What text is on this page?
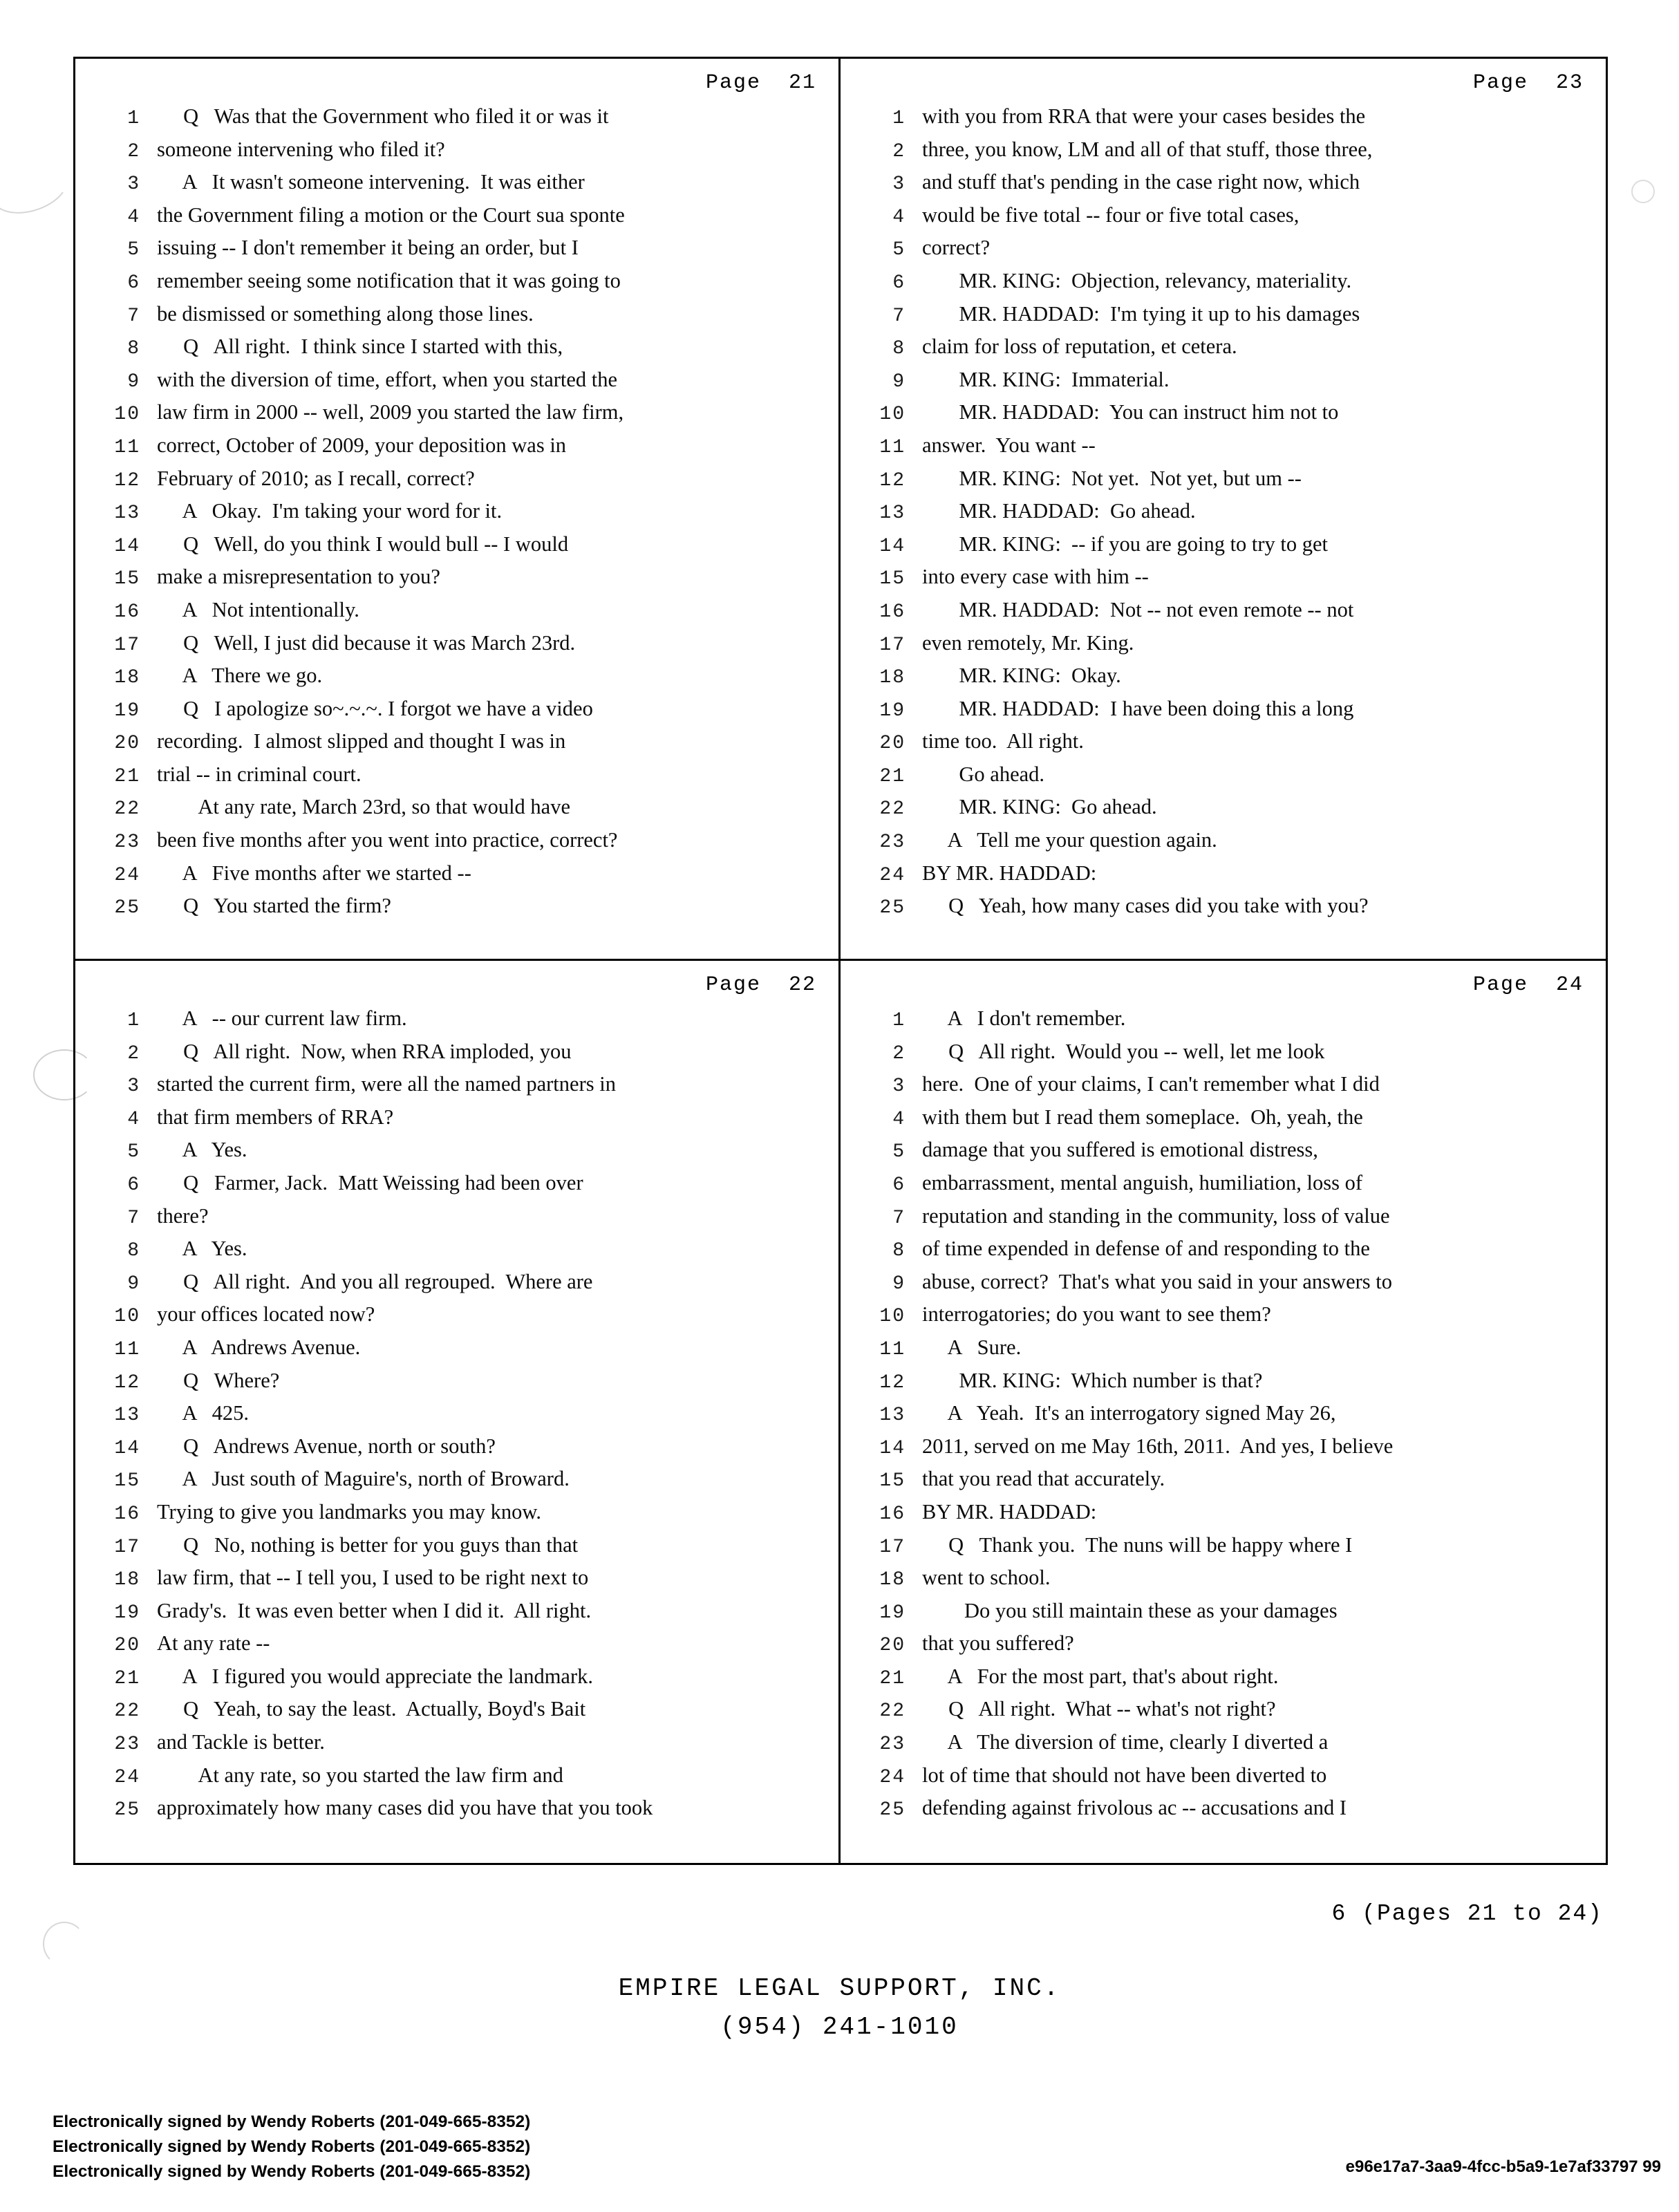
Page  21
1 Q   Was that the Government who filed it or was it
2 someone intervening who filed it?
3 A   It wasn't someone intervening.  It was either
4 the Government filing a motion or the Court sua sponte
5 issuing -- I don't remember it being an order, but I
6 remember seeing some notification that it was going to
7 be dismissed or something along those lines.
8 Q   All right.  I think since I started with this,
9 with the diversion of time, effort, when you started the
10 law firm in 2000 -- well, 2009 you started the law firm,
11 correct, October of 2009, your deposition was in
12 February of 2010; as I recall, correct?
13 A   Okay.  I'm taking your word for it.
14 Q   Well, do you think I would bull -- I would
15 make a misrepresentation to you?
16 A   Not intentionally.
17 Q   Well, I just did because it was March 23rd.
18 A   There we go.
19 Q   I apologize so~.~.~. I forgot we have a video
20 recording.  I almost slipped and thought I was in
21 trial -- in criminal court.
22 At any rate, March 23rd, so that would have
23 been five months after you went into practice, correct?
24 A   Five months after we started --
25 Q   You started the firm?
Page  23
1 with you from RRA that were your cases besides the
2 three, you know, LM and all of that stuff, those three,
3 and stuff that's pending in the case right now, which
4 would be five total -- four or five total cases,
5 correct?
6 MR. KING:  Objection, relevancy, materiality.
7 MR. HADDAD:  I'm tying it up to his damages
8 claim for loss of reputation, et cetera.
9 MR. KING:  Immaterial.
10 MR. HADDAD:  You can instruct him not to
11 answer.  You want --
12 MR. KING:  Not yet.  Not yet, but um --
13 MR. HADDAD:  Go ahead.
14 MR. KING:  -- if you are going to try to get
15 into every case with him --
16 MR. HADDAD:  Not -- not even remote -- not
17 even remotely, Mr. King.
18 MR. KING:  Okay.
19 MR. HADDAD:  I have been doing this a long
20 time too.  All right.
21 Go ahead.
22 MR. KING:  Go ahead.
23 A   Tell me your question again.
24 BY MR. HADDAD:
25 Q   Yeah, how many cases did you take with you?
Page  22
1 A   -- our current law firm.
2 Q   All right.  Now, when RRA imploded, you
3 started the current firm, were all the named partners in
4 that firm members of RRA?
5 A   Yes.
6 Q   Farmer, Jack.  Matt Weissing had been over
7 there?
8 A   Yes.
9 Q   All right.  And you all regrouped.  Where are
10 your offices located now?
11 A   Andrews Avenue.
12 Q   Where?
13 A   425.
14 Q   Andrews Avenue, north or south?
15 A   Just south of Maguire's, north of Broward.
16 Trying to give you landmarks you may know.
17 Q   No, nothing is better for you guys than that
18 law firm, that -- I tell you, I used to be right next to
19 Grady's.  It was even better when I did it.  All right.
20 At any rate --
21 A   I figured you would appreciate the landmark.
22 Q   Yeah, to say the least.  Actually, Boyd's Bait
23 and Tackle is better.
24 At any rate, so you started the law firm and
25 approximately how many cases did you have that you took
Page  24
1 A   I don't remember.
2 Q   All right.  Would you -- well, let me look
3 here.  One of your claims, I can't remember what I did
4 with them but I read them someplace.  Oh, yeah, the
5 damage that you suffered is emotional distress,
6 embarrassment, mental anguish, humiliation, loss of
7 reputation and standing in the community, loss of value
8 of time expended in defense of and responding to the
9 abuse, correct?  That's what you said in your answers to
10 interrogatories; do you want to see them?
11 A   Sure.
12 MR. KING:  Which number is that?
13 A   Yeah.  It's an interrogatory signed May 26,
14 2011, served on me May 16th, 2011.  And yes, I believe
15 that you read that accurately.
16 BY MR. HADDAD:
17 Q   Thank you.  The nuns will be happy where I
18 went to school.
19 Do you still maintain these as your damages
20 that you suffered?
21 A   For the most part, that's about right.
22 Q   All right.  What -- what's not right?
23 A   The diversion of time, clearly I diverted a
24 lot of time that should not have been diverted to
25 defending against frivolous ac -- accusations and I
6 (Pages 21 to 24)
EMPIRE LEGAL SUPPORT, INC.
(954) 241-1010
Electronically signed by Wendy Roberts (201-049-665-8352)
Electronically signed by Wendy Roberts (201-049-665-8352)
Electronically signed by Wendy Roberts (201-049-665-8352)	e96e17a7-3aa9-4fcc-b5a9-1e7af33797 99
